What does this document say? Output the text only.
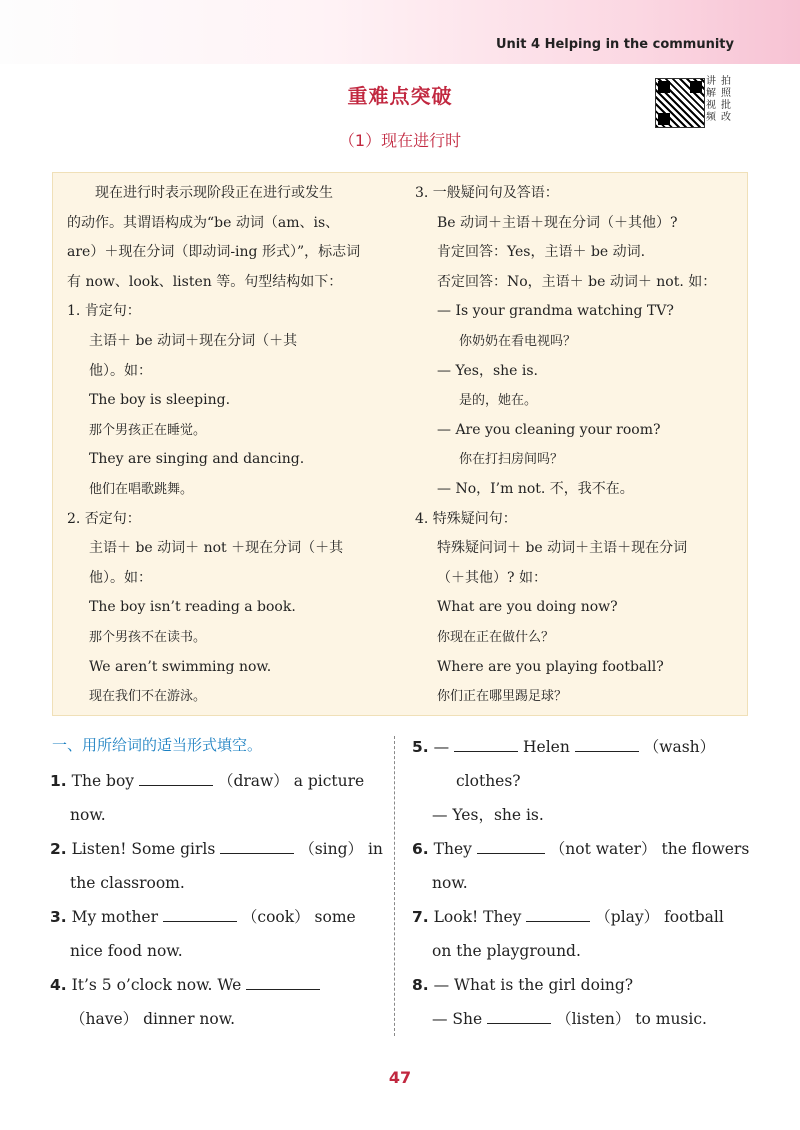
Unit 4 Helping in the community
重难点突破
（1）现在进行时
讲 拍
解 照
视 批
频 改

　　现在进行时表示现阶段正在进行或发生

的动作。其谓语构成为“be 动词（am、is、

are）＋现在分词（即动词-ing 形式）”，标志词

有 now、look、listen 等。句型结构如下：

1. 肯定句：

主语＋ be 动词＋现在分词（＋其

他）。如：

The boy is sleeping.

那个男孩正在睡觉。

They are singing and dancing.

他们在唱歌跳舞。

2. 否定句：

主语＋ be 动词＋ not ＋现在分词（＋其

他）。如：

The boy isn’t reading a book.

那个男孩不在读书。

We aren’t swimming now.

现在我们不在游泳。

3. 一般疑问句及答语：

Be 动词＋主语＋现在分词（＋其他）?

肯定回答：Yes，主语＋ be 动词.

否定回答：No，主语＋ be 动词＋ not. 如：

— Is your grandma watching TV?

你奶奶在看电视吗？

— Yes，she is.

是的，她在。

— Are you cleaning your room?

你在打扫房间吗？

— No，I’m not. 不，我不在。

4. 特殊疑问句：

特殊疑问词＋ be 动词＋主语＋现在分词

（＋其他）? 如：

What are you doing now?

你现在正在做什么？

Where are you playing football?

你们正在哪里踢足球？

一、用所给词的适当形式填空。
1. The boy	（draw） a picture
now.
2. Listen! Some girls	（sing） in
the classroom.
3. My mother	（cook） some
nice food now.
4. It’s 5 o’clock now. We
（have） dinner now.
5. —	Helen	（wash）
clothes?
— Yes，she is.
6. They	（not water） the flowers
now.
7. Look! They	（play） football
on the playground.
8. — What is the girl doing?
— She	（listen） to music.
47
